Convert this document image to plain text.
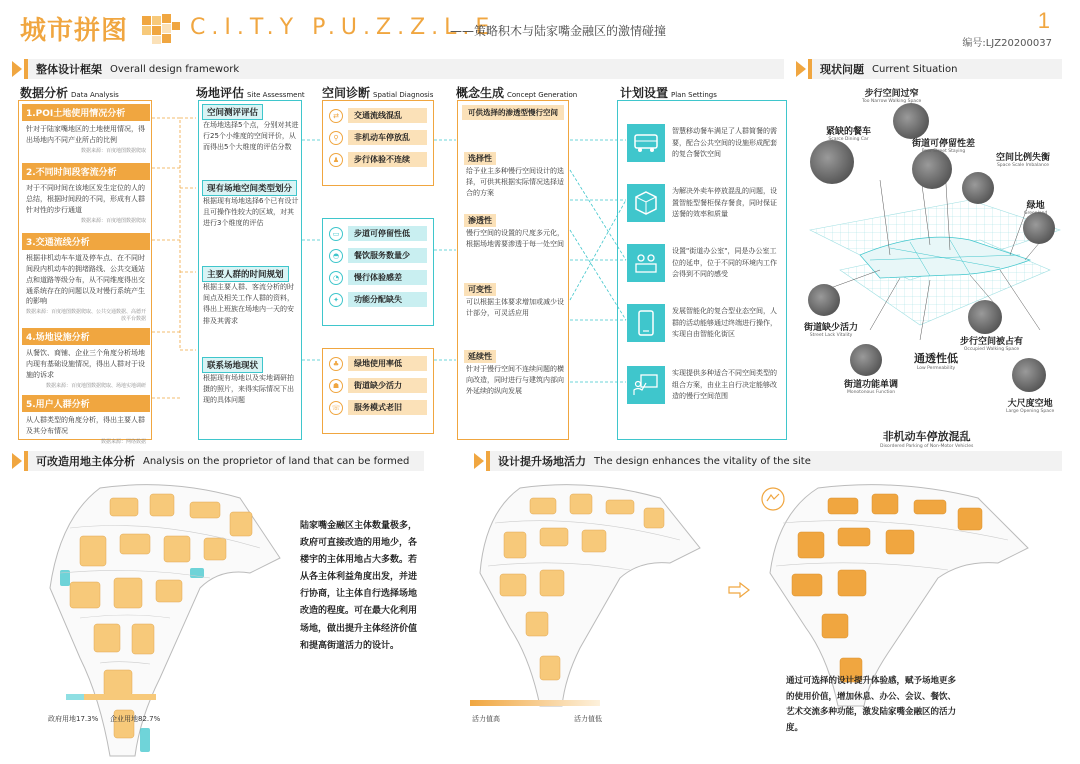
城市拼图	C.I.T.Y P.U.Z.Z.L.E
——策略积木与陆家嘴金融区的激情碰撞	1
编号:LJZ20200037
整体设计框架 Overall design framework	现状问题 Current Situation
可改造用地主体分析 Analysis on the proprietor of land that can be formed	设计提升场地活力 The design enhances the vitality of the site
数据分析 Data Analysis	场地评估 Site Assessment 空间诊断 Spatial Diagnosis 概念生成 Concept Generation	计划设置 Plan Settings
1.POI土地使用情况分析
针对于陆家嘴地区的土地使用情况，得出场地内不同产业所占的比例
数据来源：百度地图数据爬取
2.不同时间段客流分析
对于不同时间在该地区发生定位的人的总结，根据时间段的不同，形成有人群针对性的步行通道
数据来源：百度地图数据爬取
3.交通流线分析
根据非机动车车道及停车点、在不同时间段内机动车的拥堵路线、公共交通站点和道路等级分布，从不同维度得出交通系统存在的问题以及对慢行系统产生的影响
数据来源：百度地图数据爬取、公共交通数据、高德开放平台数据
4.场地设施分析
从餐饮、商铺、企业三个角度分析场地内现有基础设施情况，得出人群对于设施的诉求
数据来源：百度地图数据爬取、场地实地调研
5.用户人群分析
从人群类型的角度分析，得出主要人群及其分布情况
数据来源：网络数据
空间测评评估
在场地选择5个点，分别对其进行25个小维度的空间评价，从而得出5个大维度的评估分数
现有场地空间类型划分
根据现有场地选择6个已有设计且可操作性较大的区域，对其进行3个维度的评估
主要人群的时间规划
根据主要人群、客流分析的时间点及相关工作人群的资料，得出上班族在场地内一天的安排及其需求
联系场地现状
根据现有场地以及实地调研拍摄的照片，来得实际情况下出现的具体问题
⇄	交通流线混乱
⚲	非机动车停放乱
♟	步行体验不连续
▭	步道可停留性低
◓	餐饮服务数量少
◔	慢行体验感差
✦	功能分配缺失
♣	绿地使用率低
☗	街道缺少活力
☏	服务模式老旧
可供选择的渗透型慢行空间
选择性
给予业主多种慢行空间设计的选择，可供其根据实际情况选择适合的方案
渗透性
慢行空间的设置的尺度多元化，根据场地需要渗透于每一处空间
可变性
可以根据主体要求增加或减少设计部分，可灵活应用
延续性
针对于慢行空间不连续问题的横向改造，同时进行与建筑内部向外延续的纵向发展
智慧移动餐车满足了人群简餐的需要，配合公共空间的设施形成配套的复合餐饮空间
为解决外卖车停放混乱的问题，设置智能型餐柜保存餐食，同时保证送餐的效率和质量
设置"街道办公室"，同是办公室工位的延申，位于不同的环境内工作会得到不同的感受
发展智能化的复合型业态空间，人群的活动能够通过终端进行操作，实现自由智能化街区
实现提供多种适合不同空间类型的组合方案，由业主自行决定能够改造的慢行空间范围
步行空间过窄
Too Narrow Walking Space
紧缺的餐车
Scarce Dining Car	街道可停留性差
Poor Street Staying
空间比例失衡
Space Scale Imbalance
绿地
Greenland
街道缺少活力
Street Lack Vitality
步行空间被占有
Occupied Walking Space
通透性低
Low Permeability
街道功能单调
Monotonous Function
大尺度空地
Large Opening Space
非机动车停放混乱
Disordered Parking of Non-Motor Vehicles
陆家嘴金融区主体数量极多，政府可直接改造的用地少，各楼宇的主体用地占大多数。若从各主体利益角度出发，并进行协商，让主体自行选择场地改造的程度。可在最大化利用场地，做出提升主体经济价值和提高街道活力的设计。
政府用地17.3% 企业用地82.7%	活力值高	活力值低
通过可选择的设计提升体验感，赋予场地更多的使用价值，增加休息、办公、会议、餐饮、艺术交流多种功能，激发陆家嘴金融区的活力度。
